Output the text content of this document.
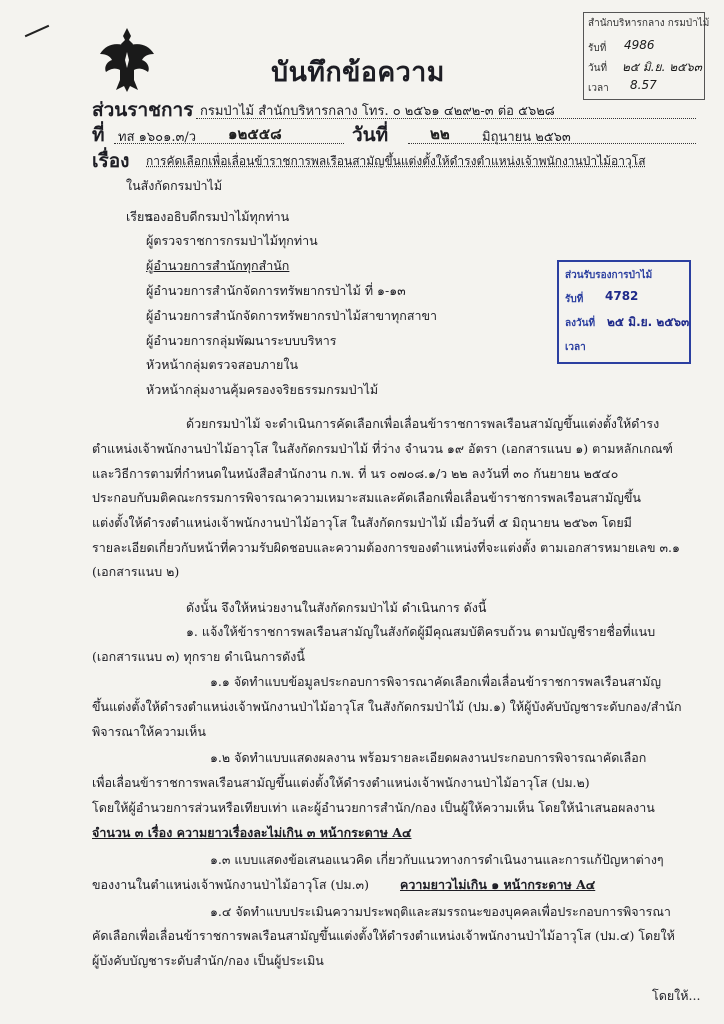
บันทึกข้อความ
สำนักบริหารกลาง กรมป่าไม้
รับที่ 4986
วันที่ ๒๕ มิ.ย. ๒๕๖๓
เวลา 8.57
ส่วนราชการ กรมป่าไม้ สำนักบริหารกลาง โทร. ๐ ๒๕๖๑ ๔๒๙๒-๓ ต่อ ๕๖๒๘
ที่ ทส ๑๖๐๑.๓/ว ๑๒๕๕๘	วันที่	๒๒ มิถุนายน ๒๕๖๓
เรื่อง การคัดเลือกเพื่อเลื่อนข้าราชการพลเรือนสามัญขึ้นแต่งตั้งให้ดำรงตำแหน่งเจ้าพนักงานป่าไม้อาวุโส
ในสังกัดกรมป่าไม้
เรียน
รองอธิบดีกรมป่าไม้ทุกท่าน
ผู้ตรวจราชการกรมป่าไม้ทุกท่าน
ผู้อำนวยการสำนักทุกสำนัก
ผู้อำนวยการสำนักจัดการทรัพยากรป่าไม้ ที่ ๑-๑๓
ผู้อำนวยการสำนักจัดการทรัพยากรป่าไม้สาขาทุกสาขา
ผู้อำนวยการกลุ่มพัฒนาระบบบริหาร
หัวหน้ากลุ่มตรวจสอบภายใน
หัวหน้ากลุ่มงานคุ้มครองจริยธรรมกรมป่าไม้
ส่วนรับรองการป่าไม้
รับที่ 4782
ลงวันที่ ๒๕ มิ.ย. ๒๕๖๓
เวลา
ด้วยกรมป่าไม้ จะดำเนินการคัดเลือกเพื่อเลื่อนข้าราชการพลเรือนสามัญขึ้นแต่งตั้งให้ดำรง
ตำแหน่งเจ้าพนักงานป่าไม้อาวุโส ในสังกัดกรมป่าไม้ ที่ว่าง จำนวน ๑๙ อัตรา (เอกสารแนบ ๑) ตามหลักเกณฑ์
และวิธีการตามที่กำหนดในหนังสือสำนักงาน ก.พ. ที่ นร ๐๗๐๘.๑/ว ๒๒ ลงวันที่ ๓๐ กันยายน ๒๕๔๐
ประกอบกับมติคณะกรรมการพิจารณาความเหมาะสมและคัดเลือกเพื่อเลื่อนข้าราชการพลเรือนสามัญขึ้น
แต่งตั้งให้ดำรงตำแหน่งเจ้าพนักงานป่าไม้อาวุโส ในสังกัดกรมป่าไม้ เมื่อวันที่ ๕ มิถุนายน ๒๕๖๓ โดยมี
รายละเอียดเกี่ยวกับหน้าที่ความรับผิดชอบและความต้องการของตำแหน่งที่จะแต่งตั้ง ตามเอกสารหมายเลข ๓.๑
(เอกสารแนบ ๒)
ดังนั้น จึงให้หน่วยงานในสังกัดกรมป่าไม้ ดำเนินการ ดังนี้
๑. แจ้งให้ข้าราชการพลเรือนสามัญในสังกัดผู้มีคุณสมบัติครบถ้วน ตามบัญชีรายชื่อที่แนบ
(เอกสารแนบ ๓) ทุกราย ดำเนินการดังนี้
๑.๑ จัดทำแบบข้อมูลประกอบการพิจารณาคัดเลือกเพื่อเลื่อนข้าราชการพลเรือนสามัญ
ขึ้นแต่งตั้งให้ดำรงตำแหน่งเจ้าพนักงานป่าไม้อาวุโส ในสังกัดกรมป่าไม้ (ปม.๑) ให้ผู้บังคับบัญชาระดับกอง/สำนัก
พิจารณาให้ความเห็น
๑.๒ จัดทำแบบแสดงผลงาน พร้อมรายละเอียดผลงานประกอบการพิจารณาคัดเลือก
เพื่อเลื่อนข้าราชการพลเรือนสามัญขึ้นแต่งตั้งให้ดำรงตำแหน่งเจ้าพนักงานป่าไม้อาวุโส (ปม.๒)
โดยให้ผู้อำนวยการส่วนหรือเทียบเท่า และผู้อำนวยการสำนัก/กอง เป็นผู้ให้ความเห็น โดยให้นำเสนอผลงาน
จำนวน ๓ เรื่อง ความยาวเรื่องละไม่เกิน ๓ หน้ากระดาษ A๔
๑.๓ แบบแสดงข้อเสนอแนวคิด เกี่ยวกับแนวทางการดำเนินงานและการแก้ปัญหาต่างๆ
ของงานในตำแหน่งเจ้าพนักงานป่าไม้อาวุโส (ปม.๓) ความยาวไม่เกิน ๑ หน้ากระดาษ A๔
๑.๔ จัดทำแบบประเมินความประพฤติและสมรรถนะของบุคคลเพื่อประกอบการพิจารณา
คัดเลือกเพื่อเลื่อนข้าราชการพลเรือนสามัญขึ้นแต่งตั้งให้ดำรงตำแหน่งเจ้าพนักงานป่าไม้อาวุโส (ปม.๔) โดยให้
ผู้บังคับบัญชาระดับสำนัก/กอง เป็นผู้ประเมิน
โดยให้...
